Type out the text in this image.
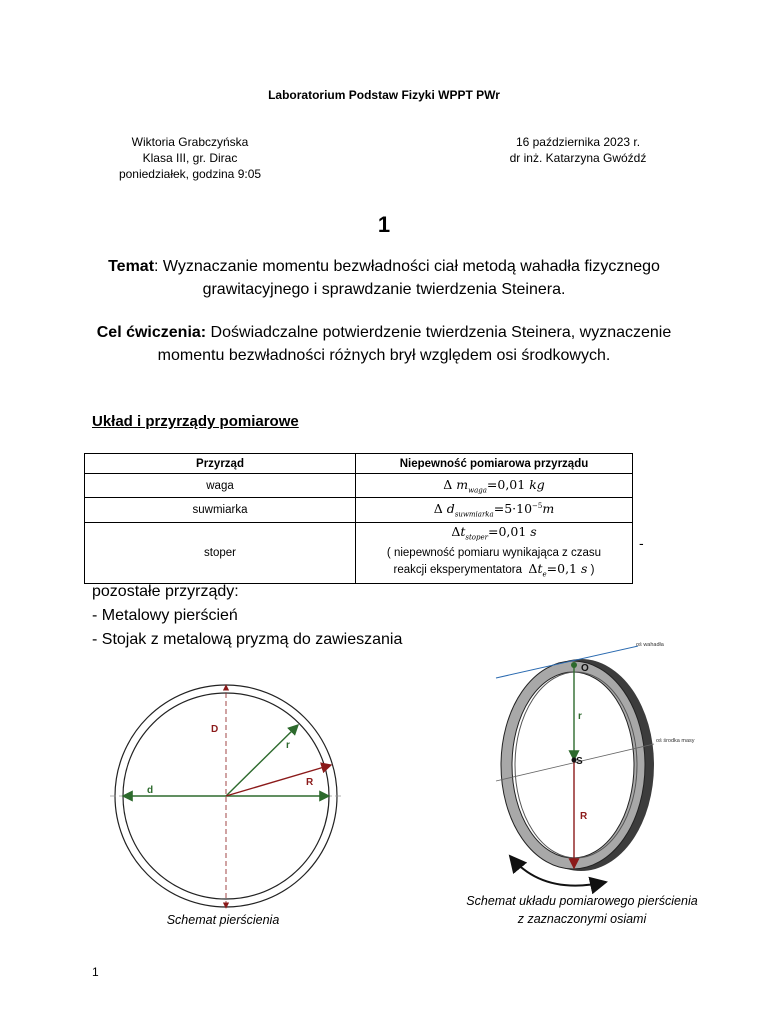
Laboratorium Podstaw Fizyki WPPT PWr
Wiktoria Grabczyńska
Klasa III, gr. Dirac
poniedziałek, godzina 9:05
16 października 2023 r.
dr inż. Katarzyna Gwóźdź
1
Temat: Wyznaczanie momentu bezwładności ciał metodą wahadła fizycznego grawitacyjnego i sprawdzanie twierdzenia Steinera.
Cel ćwiczenia: Doświadczalne potwierdzenie twierdzenia Steinera, wyznaczenie momentu bezwładności różnych brył względem osi środkowych.
Układ i przyrządy pomiarowe
Przyrząd	Niepewność pomiarowa przyrządu
waga	Δ $m_{waga}=0,01$ kg
suwmiarka	Δ $d_{suwmiarka}=5\cdot 10^{-5}m$
stoper	$\Delta t_{stoper}=0,01$ s
( niepewność pomiaru wynikająca z czasu
reakcji eksperymentatora $\Delta t_e=0,1$ s )
-
pozostałe przyrządy:
- Metalowy pierścień
- Stojak z metalową pryzmą do zawieszania
D
r
R
d
Schemat pierścienia
O
S
r
R
oś wahadła
oś środka masy
Schemat układu pomiarowego pierścienia
z zaznaczonymi osiami
1
